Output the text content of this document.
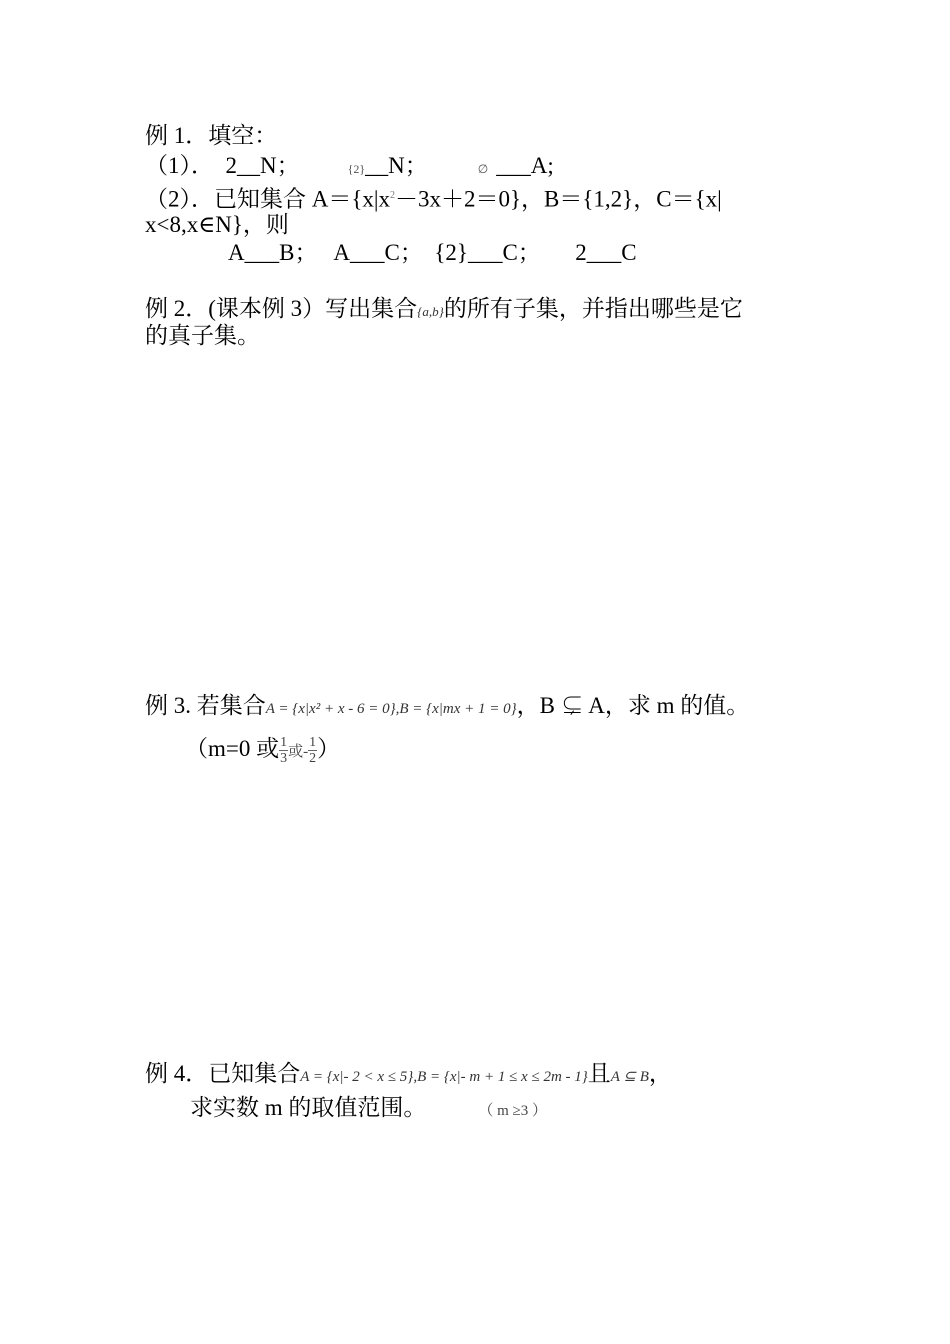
例 1．填空：
（1）．　2__N；	{2}__N；	∅ ___A;
（2）．已知集合 $A=\{x|x^2-3x+2=0\}$，B＝{1,2}，C＝{x|
x<8,x∈N}，则
A___B；　 A___C；　{2}___C；　　2___C
例 2．(课本例 3）写出集合{a,b}的所有子集，并指出哪些是它
的真子集。
例 3. 若集合A = {x|x² + x - 6 = 0},B = {x|mx + 1 = 0}，B ⊊ A，求 m 的值。
（m=0 或 $\frac{1}{3}$ 或- $\frac{1}{2}$ ）
例 4．已知集合A = {x|- 2 < x ≤ 5},B = {x|- m + 1 ≤ x ≤ 2m - 1}且A ⊆ B，
求实数 m 的取值范围。	（ m ≥3 ）
